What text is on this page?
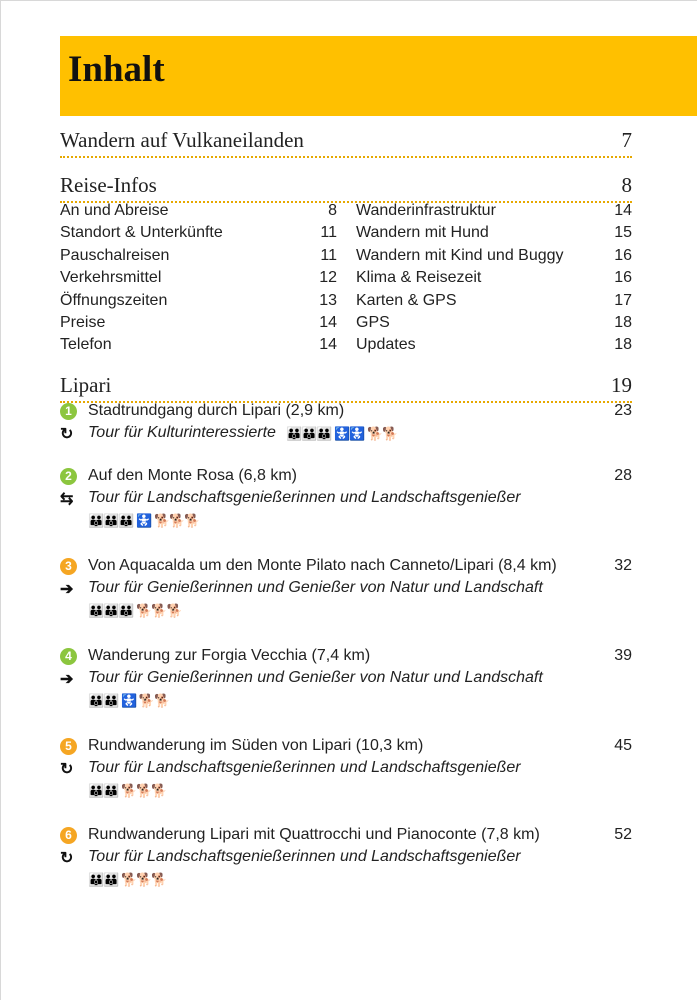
Inhalt
Wandern auf Vulkaneilanden	7
Reise-Infos	8
An und Abreise	8
Standort & Unterkünfte	11
Pauschalreisen	11
Verkehrsmittel	12
Öffnungszeiten	13
Preise	14
Telefon	14
Wanderinfrastruktur	14
Wandern mit Hund	15
Wandern mit Kind und Buggy	16
Klima & Reisezeit	16
Karten & GPS	17
GPS	18
Updates	18
Lipari	19
1	Stadtrundgang durch Lipari (2,9 km)	23
↻ Tour für Kulturinteressierte 👪👪👪 🚼🚼 🐕🐕
2	Auf den Monte Rosa (6,8 km)	28
⇆ Tour für Landschaftsgenießerinnen und Landschaftsgenießer
👪👪👪 🚼 🐕🐕🐕
3	Von Aquacalda um den Monte Pilato nach Canneto/Lipari (8,4 km)	32
➔ Tour für Genießerinnen und Genießer von Natur und Landschaft
👪👪👪 🐕🐕🐕
4	Wanderung zur Forgia Vecchia (7,4 km)	39
➔ Tour für Genießerinnen und Genießer von Natur und Landschaft
👪👪 🚼 🐕🐕
5	Rundwanderung im Süden von Lipari (10,3 km)	45
↻ Tour für Landschaftsgenießerinnen und Landschaftsgenießer
👪👪 🐕🐕🐕
6	Rundwanderung Lipari mit Quattrocchi und Pianoconte (7,8 km)	52
↻ Tour für Landschaftsgenießerinnen und Landschaftsgenießer
👪👪 🐕🐕🐕
